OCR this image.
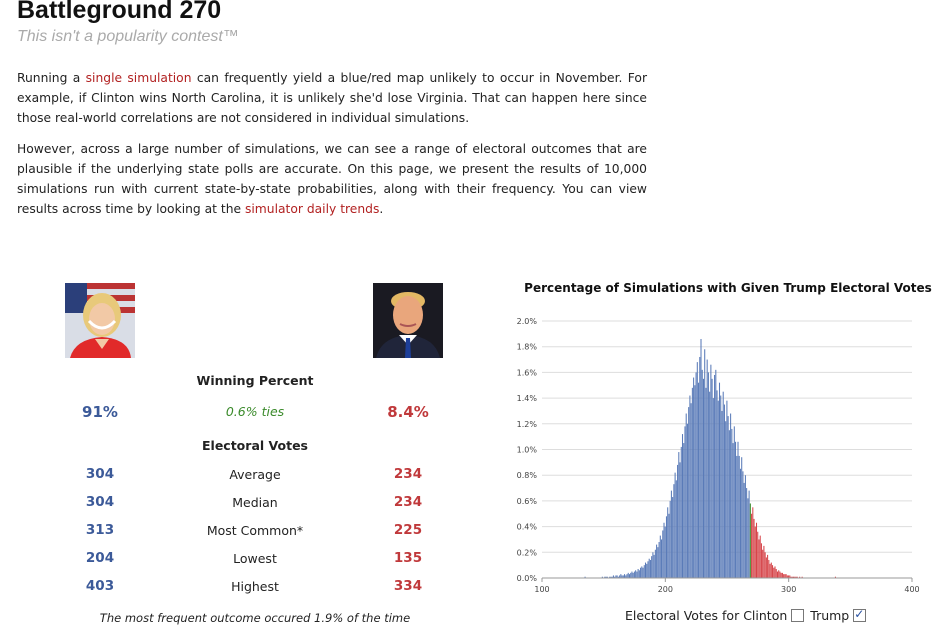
Battleground 270
This isn't a popularity contest™
Running a single simulation can frequently yield a blue/red map unlikely to occur in November. For example, if Clinton wins North Carolina, it is unlikely she'd lose Virginia. That can happen here since those real-world correlations are not considered in individual simulations.
However, across a large number of simulations, we can see a range of electoral outcomes that are plausible if the underlying state polls are accurate. On this page, we present the results of 10,000 simulations run with current state-by-state probabilities, along with their frequency. You can view results across time by looking at the simulator daily trends.
Winning Percent
91%	0.6% ties	8.4%
Electoral Votes
304	Average	234
304	Median	234
313	Most Common*	225
204	Lowest	135
403	Highest	334
The most frequent outcome occured 1.9% of the time
Percentage of Simulations with Given Trump Electoral Votes
0.0%
0.2%
0.4%
0.6%
0.8%
1.0%
1.2%
1.4%
1.6%
1.8%
2.0%
100	200	300	400
Electoral Votes for Clinton Trump✓
